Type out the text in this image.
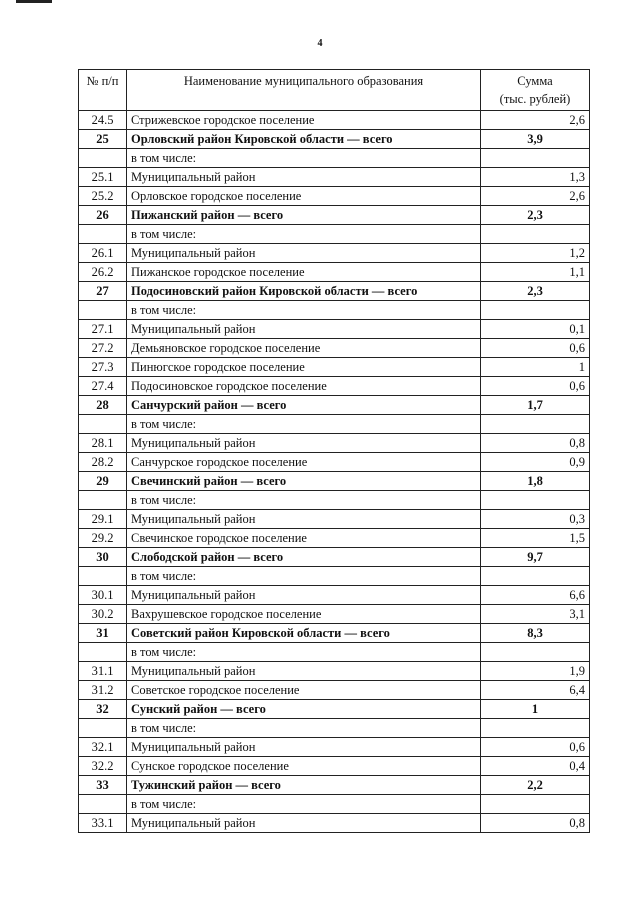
4
№ п/п	Наименование муниципального образования	Сумма
(тыс. рублей)

24.5	Стрижевское городское поселение	2,6
25	Орловский район Кировской области — всего	3,9
	в том числе:	
25.1	Муниципальный район	1,3
25.2	Орловское городское поселение	2,6
26	Пижанский район — всего	2,3
	в том числе:	
26.1	Муниципальный район	1,2
26.2	Пижанское городское поселение	1,1
27	Подосиновский район Кировской области — всего	2,3
	в том числе:	
27.1	Муниципальный район	0,1
27.2	Демьяновское городское поселение	0,6
27.3	Пинюгское городское поселение	1
27.4	Подосиновское городское поселение	0,6
28	Санчурский район — всего	1,7
	в том числе:	
28.1	Муниципальный район	0,8
28.2	Санчурское городское поселение	0,9
29	Свечинский район — всего	1,8
	в том числе:	
29.1	Муниципальный район	0,3
29.2	Свечинское городское поселение	1,5
30	Слободской район — всего	9,7
	в том числе:	
30.1	Муниципальный район	6,6
30.2	Вахрушевское городское поселение	3,1
31	Советский район Кировской области — всего	8,3
	в том числе:	
31.1	Муниципальный район	1,9
31.2	Советское городское поселение	6,4
32	Сунский район — всего	1
	в том числе:	
32.1	Муниципальный район	0,6
32.2	Сунское городское поселение	0,4
33	Тужинский район — всего	2,2
	в том числе:	
33.1	Муниципальный район	0,8
